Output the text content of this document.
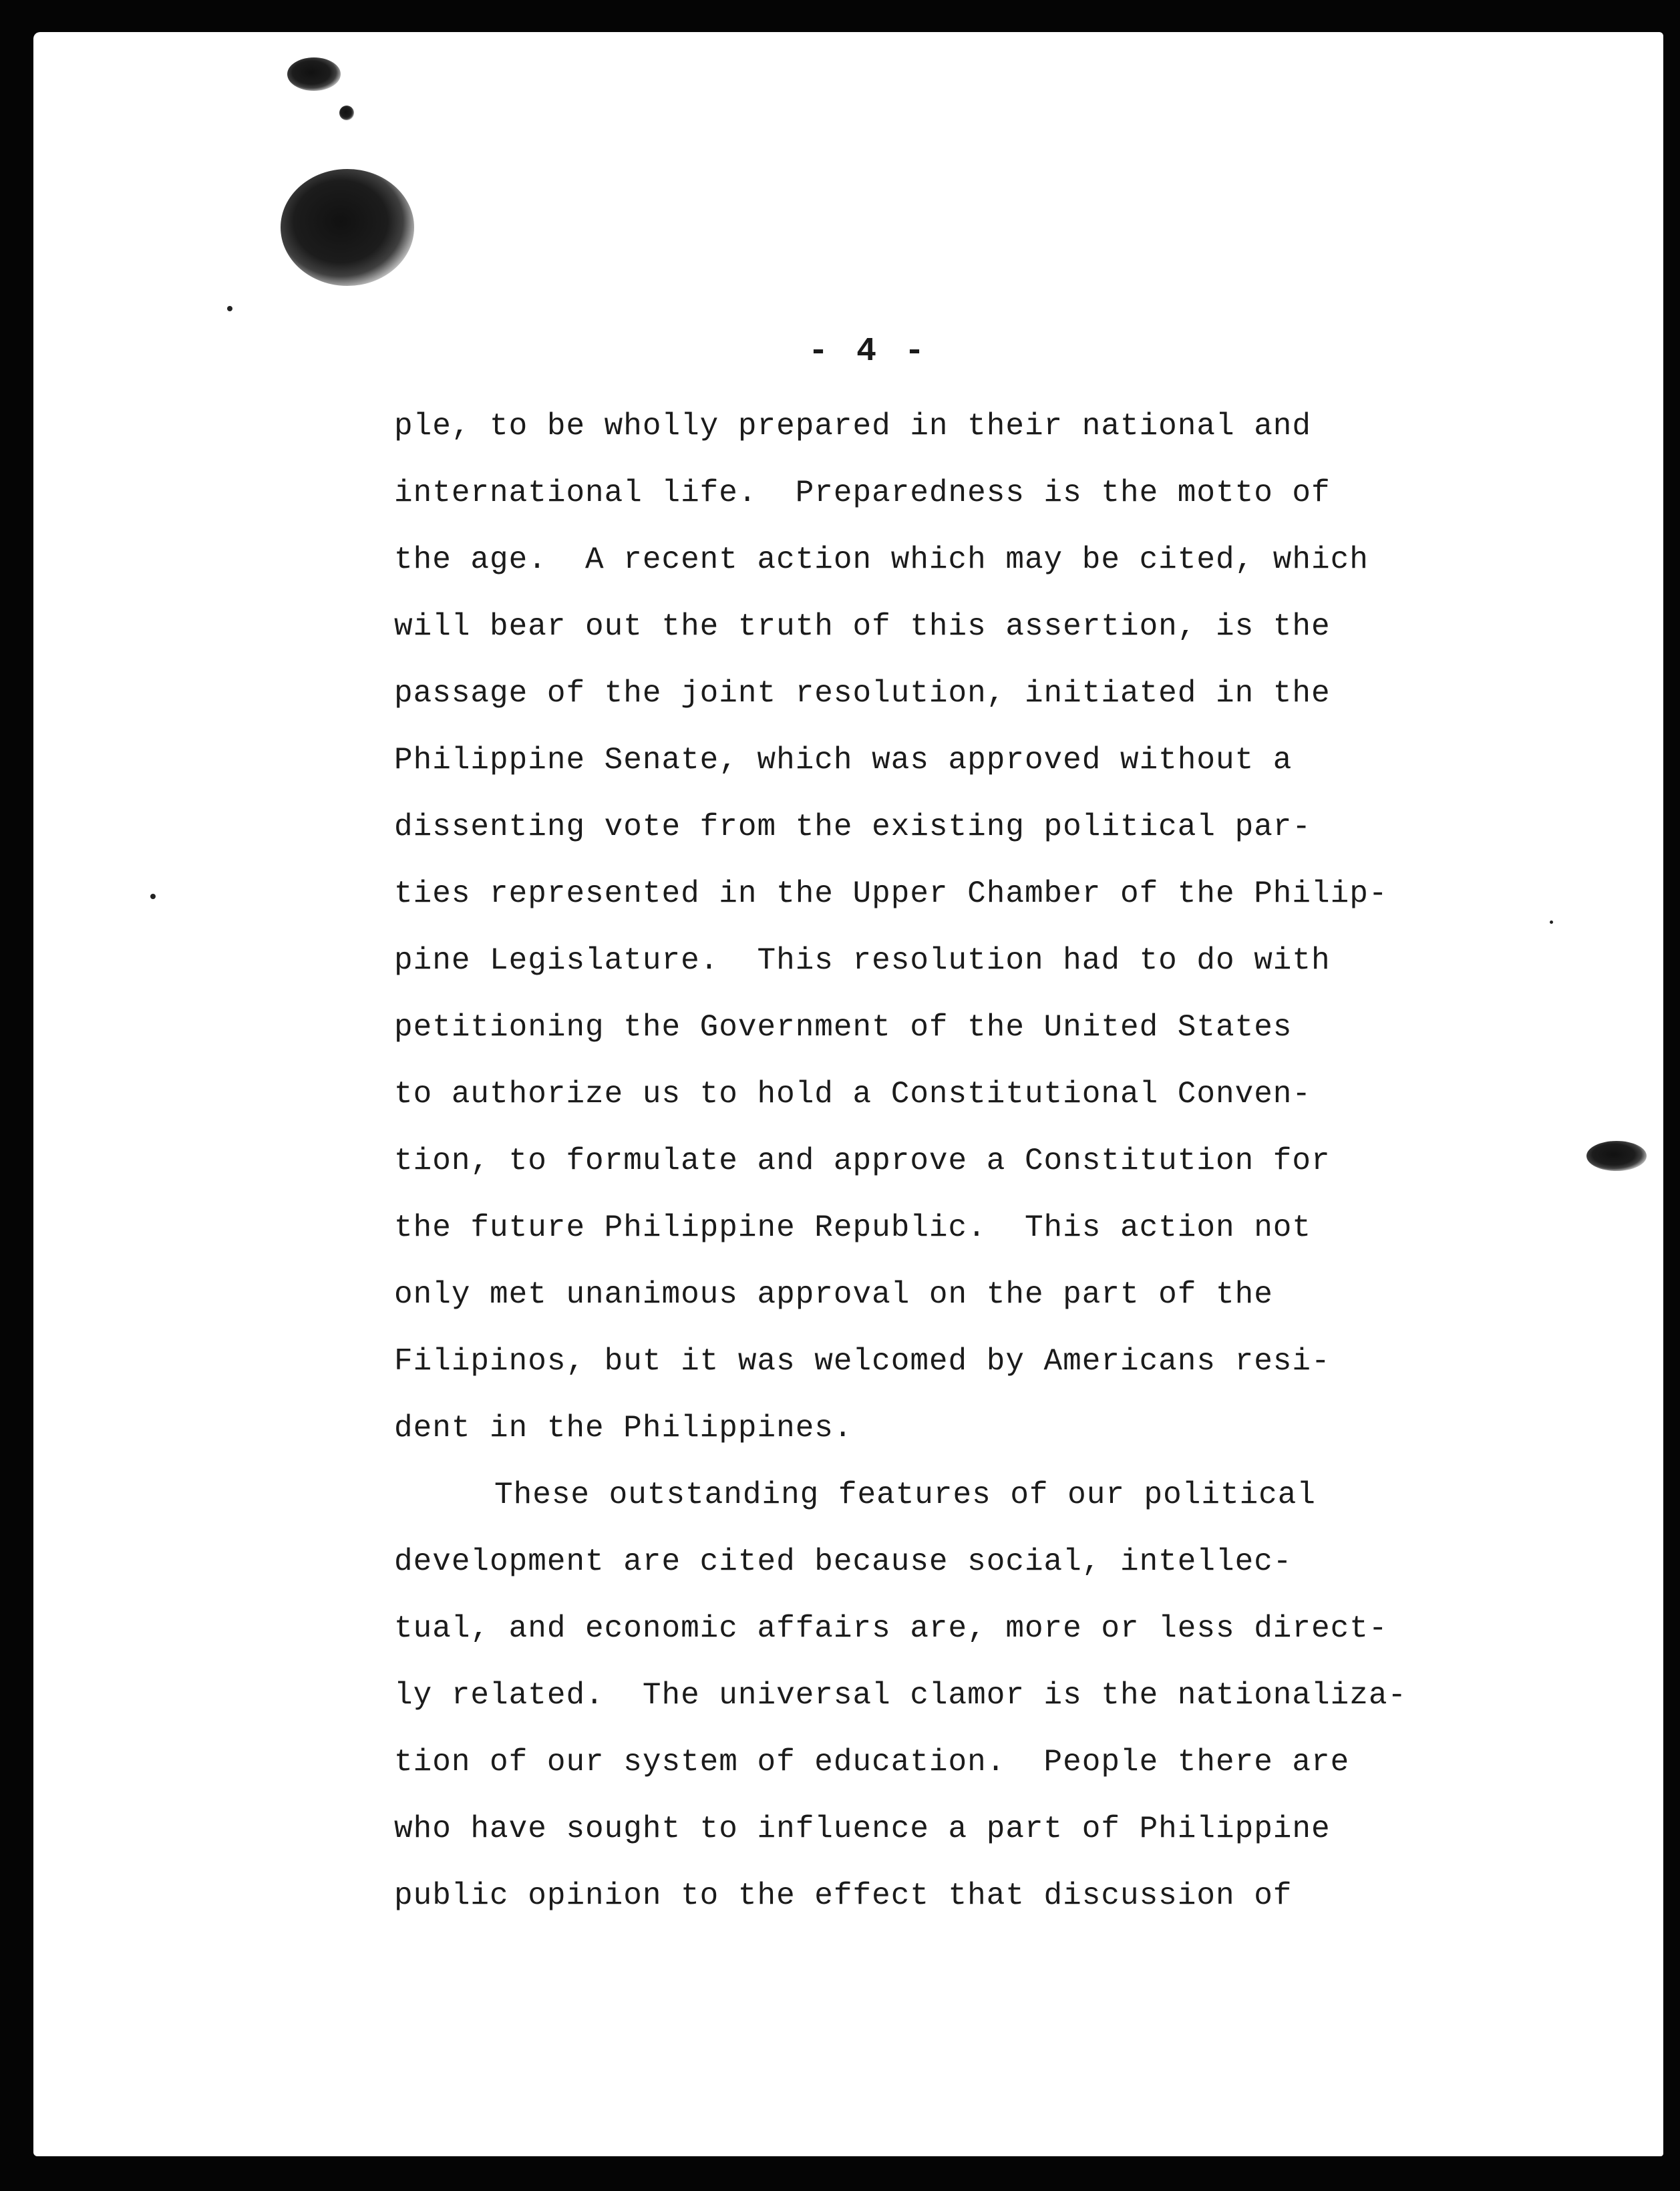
- 4 -
ple, to be wholly prepared in their national and
international life.  Preparedness is the motto of
the age.  A recent action which may be cited, which
will bear out the truth of this assertion, is the
passage of the joint resolution, initiated in the
Philippine Senate, which was approved without a
dissenting vote from the existing political par-
ties represented in the Upper Chamber of the Philip-
pine Legislature.  This resolution had to do with
petitioning the Government of the United States
to authorize us to hold a Constitutional Conven-
tion, to formulate and approve a Constitution for
the future Philippine Republic.  This action not
only met unanimous approval on the part of the
Filipinos, but it was welcomed by Americans resi-
dent in the Philippines.
These outstanding features of our political
development are cited because social, intellec-
tual, and economic affairs are, more or less direct-
ly related.  The universal clamor is the nationaliza-
tion of our system of education.  People there are
who have sought to influence a part of Philippine
public opinion to the effect that discussion of
